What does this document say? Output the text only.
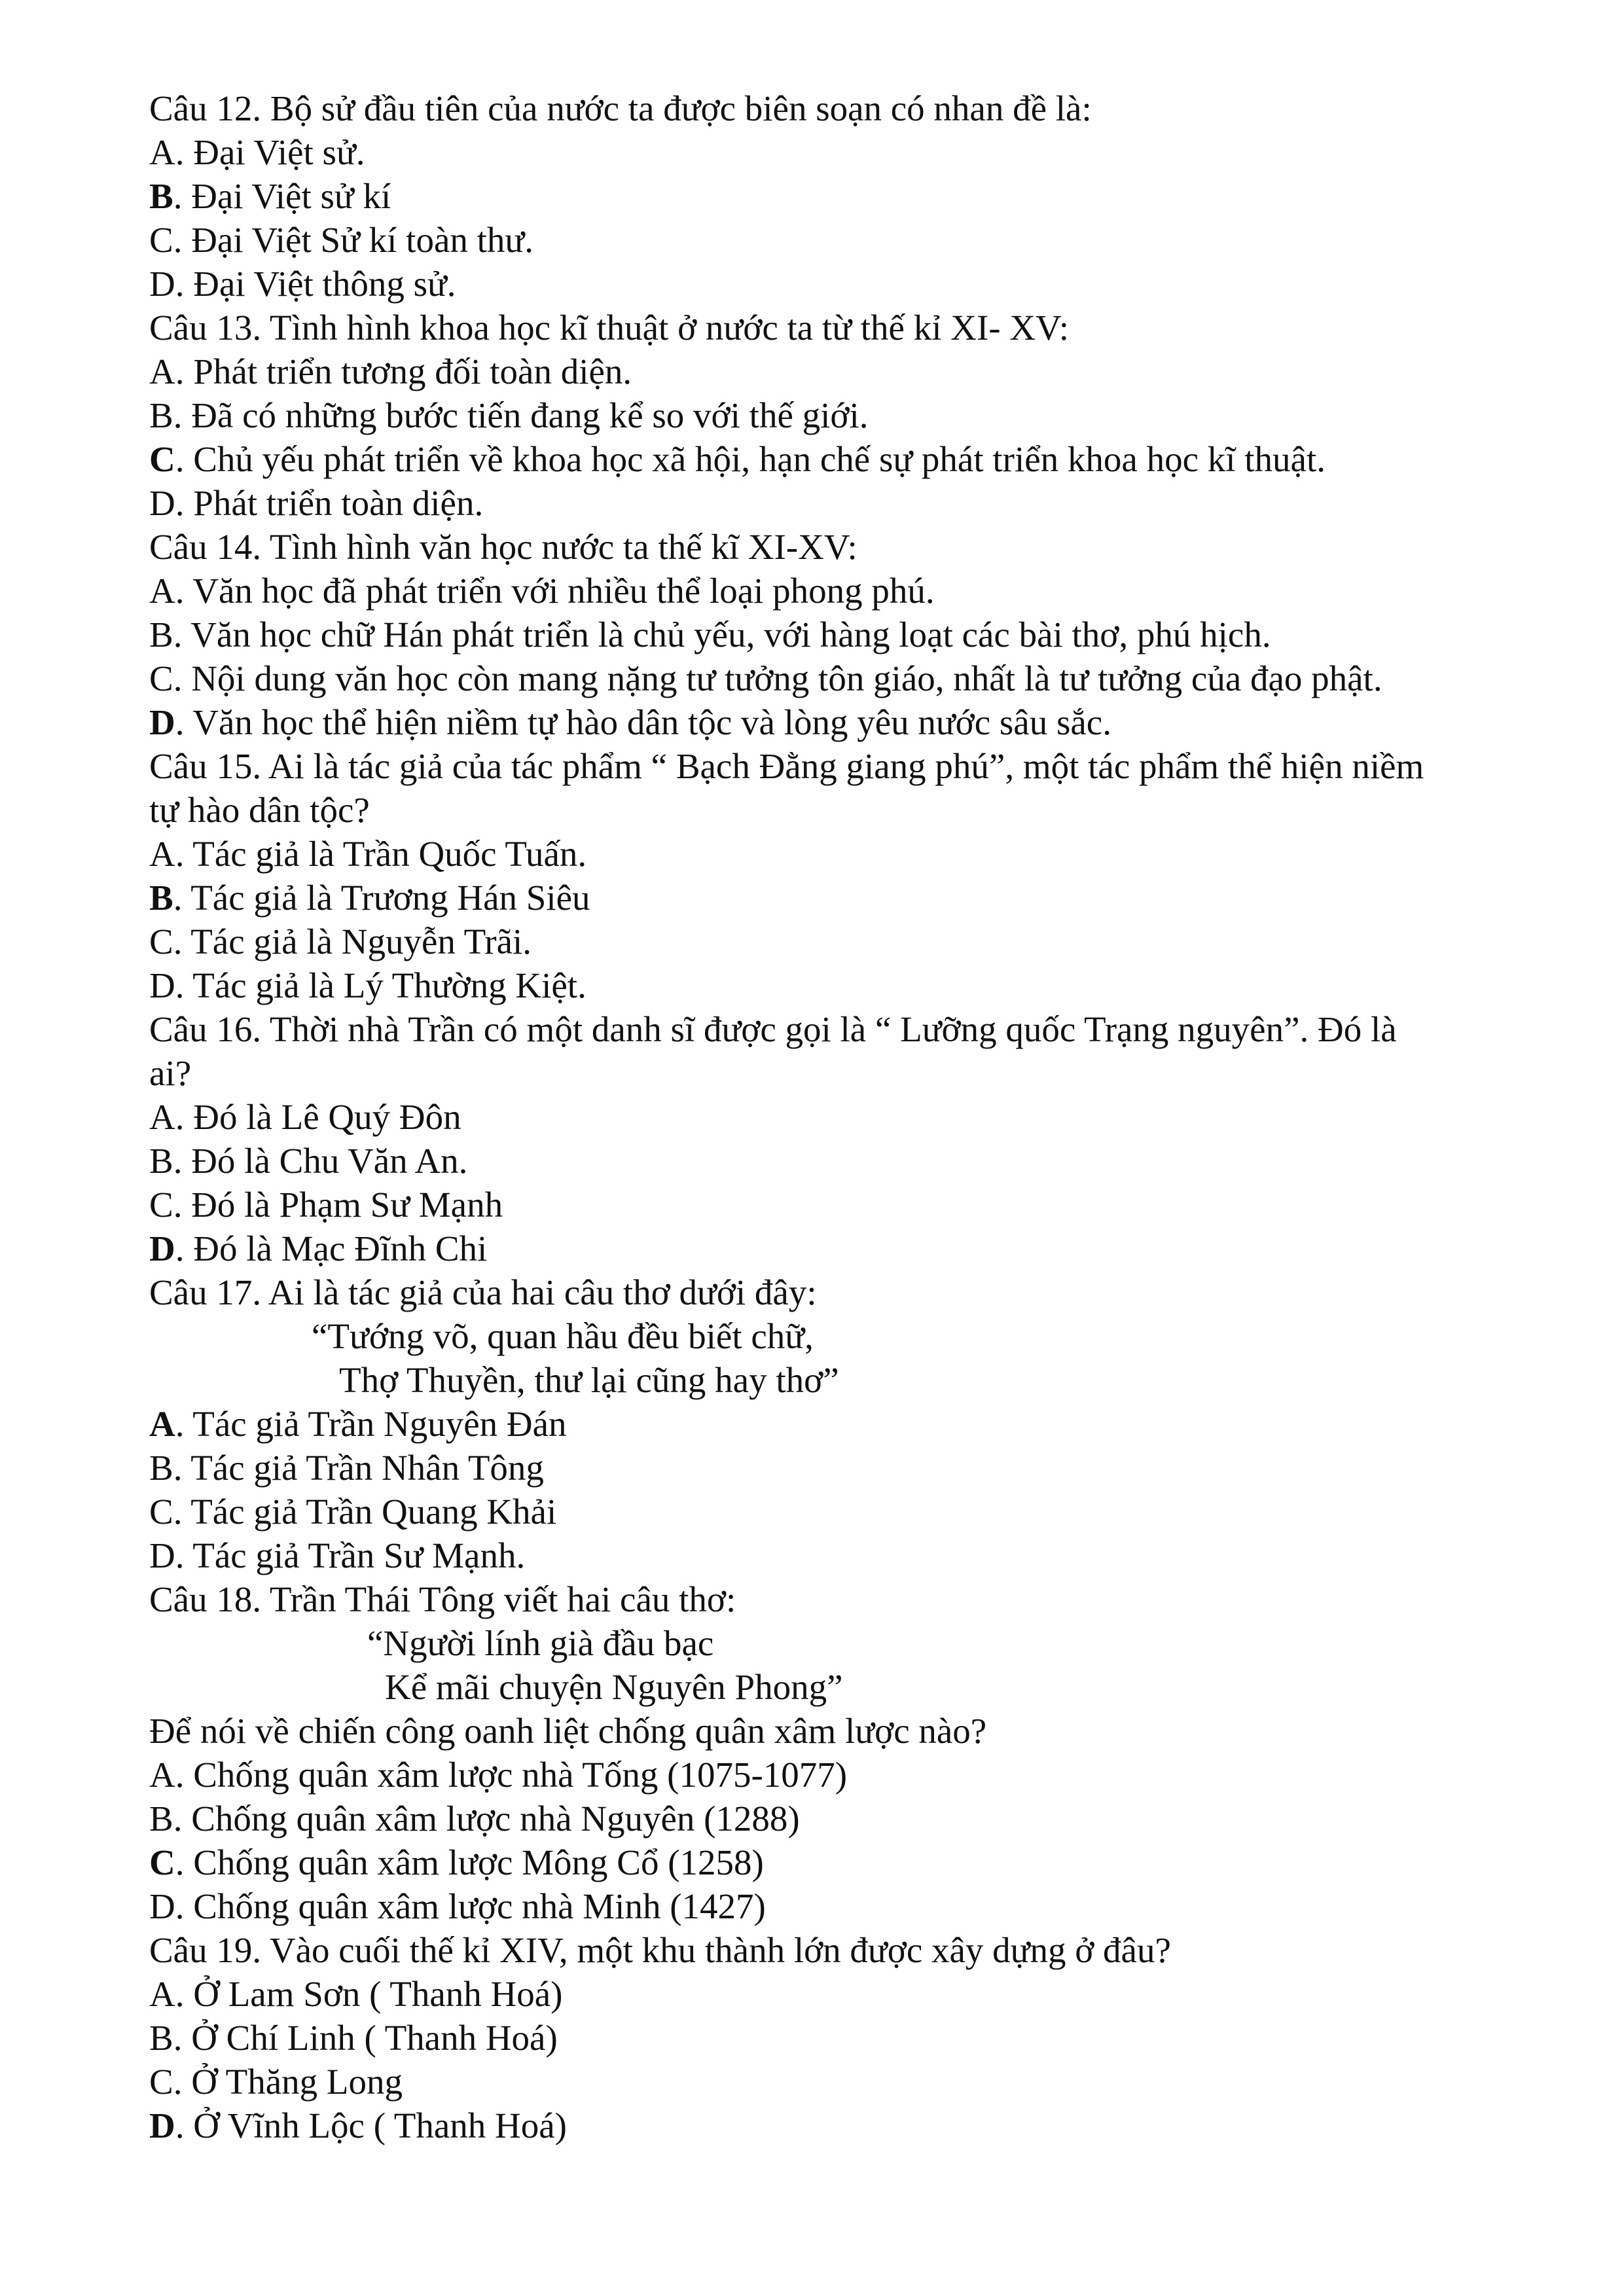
Câu 12. Bộ sử đầu tiên của nước ta được biên soạn có nhan đề là:

A. Đại Việt sử.

B. Đại Việt sử kí

C. Đại Việt Sử kí toàn thư.

D. Đại Việt thông sử.

Câu 13. Tình hình khoa học kĩ thuật ở nước ta từ thế kỉ XI- XV:

A. Phát triển tương đối toàn diện.

B. Đã có những bước tiến đang kể so với thế giới.

C. Chủ yếu phát triển về khoa học xã hội, hạn chế sự phát triển khoa học kĩ thuật.

D. Phát triển toàn diện.

Câu 14. Tình hình văn học nước ta thế kĩ XI-XV:

A. Văn học đã phát triển với nhiều thể loại phong phú.

B. Văn học chữ Hán phát triển là chủ yếu, với hàng loạt các bài thơ, phú hịch.

C. Nội dung văn học còn mang nặng tư tưởng tôn giáo, nhất là tư tưởng của đạo phật.

D. Văn học thể hiện niềm tự hào dân tộc và lòng yêu nước sâu sắc.

Câu 15. Ai là tác giả của tác phẩm “ Bạch Đằng giang phú”, một tác phẩm thể hiện niềm

tự hào dân tộc?

A. Tác giả là Trần Quốc Tuấn.

B. Tác giả là Trương Hán Siêu

C. Tác giả là Nguyễn Trãi.

D. Tác giả là Lý Thường Kiệt.

Câu 16. Thời nhà Trần có một danh sĩ được gọi là “ Lưỡng quốc Trạng nguyên”. Đó là

ai?

A. Đó là Lê Quý Đôn

B. Đó là Chu Văn An.

C. Đó là Phạm Sư Mạnh

D. Đó là Mạc Đĩnh Chi

Câu 17. Ai là tác giả của hai câu thơ dưới đây:

“Tướng võ, quan hầu đều biết chữ,

Thợ Thuyền, thư lại cũng hay thơ”

A. Tác giả Trần Nguyên Đán

B. Tác giả Trần Nhân Tông

C. Tác giả Trần Quang Khải

D. Tác giả Trần Sư Mạnh.

Câu 18. Trần Thái Tông viết hai câu thơ:

“Người lính già đầu bạc

Kể mãi chuyện Nguyên Phong”

Để nói về chiến công oanh liệt chống quân xâm lược nào?

A. Chống quân xâm lược nhà Tống (1075-1077)

B. Chống quân xâm lược nhà Nguyên (1288)

C. Chống quân xâm lược Mông Cổ (1258)

D. Chống quân xâm lược nhà Minh (1427)

Câu 19. Vào cuối thế kỉ XIV, một khu thành lớn được xây dựng ở đâu?

A. Ở Lam Sơn ( Thanh Hoá)

B. Ở Chí Linh ( Thanh Hoá)

C. Ở Thăng Long

D. Ở Vĩnh Lộc ( Thanh Hoá)
